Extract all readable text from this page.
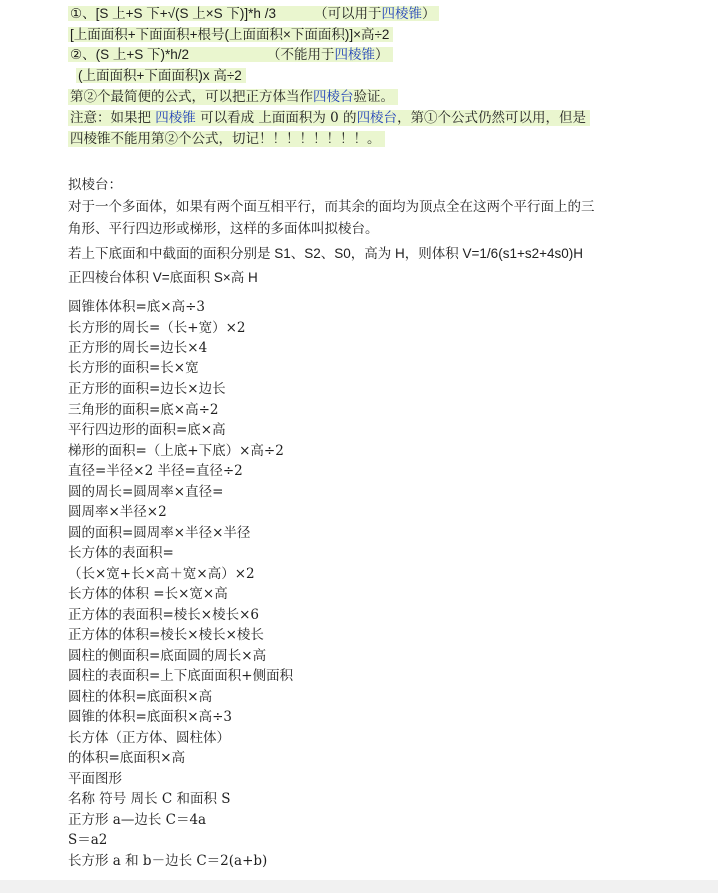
①、[S 上+S 下+√(S 上×S 下)]*h /3	（可以用于四棱锥）
[上面面积+下面面积+根号(上面面积×下面面积)]×高÷2
②、(S 上+S 下)*h/2	（不能用于四棱锥）
(上面面积+下面面积)x 高÷2
第②个最简便的公式，可以把正方体当作四棱台验证。
注意：如果把 四棱锥 可以看成 上面面积为 0 的四棱台，第①个公式仍然可以用，但是
四棱锥不能用第②个公式，切记！！！！！！！！。
拟棱台：
对于一个多面体，如果有两个面互相平行，而其余的面均为顶点全在这两个平行面上的三
角形、平行四边形或梯形，这样的多面体叫拟棱台。
若上下底面和中截面的面积分别是 S1、S2、S0，高为 H，则体积 V=1/6(s1+s2+4s0)H
正四棱台体积 V=底面积 S×高 H
圆锥体体积=底×高÷3
长方形的周长=（长+宽）×2
正方形的周长=边长×4
长方形的面积=长×宽
正方形的面积=边长×边长
三角形的面积=底×高÷2
平行四边形的面积=底×高
梯形的面积=（上底+下底）×高÷2
直径=半径×2 半径=直径÷2
圆的周长=圆周率×直径=
圆周率×半径×2
圆的面积=圆周率×半径×半径
长方体的表面积=
（长×宽+长×高＋宽×高）×2
长方体的体积 =长×宽×高
正方体的表面积=棱长×棱长×6
正方体的体积=棱长×棱长×棱长
圆柱的侧面积=底面圆的周长×高
圆柱的表面积=上下底面面积+侧面积
圆柱的体积=底面积×高
圆锥的体积=底面积×高÷3
长方体（正方体、圆柱体）
的体积=底面积×高
平面图形
名称 符号 周长 C 和面积 S
正方形 a—边长 C＝4a
S＝a2
长方形 a 和 b－边长 C＝2(a+b)
